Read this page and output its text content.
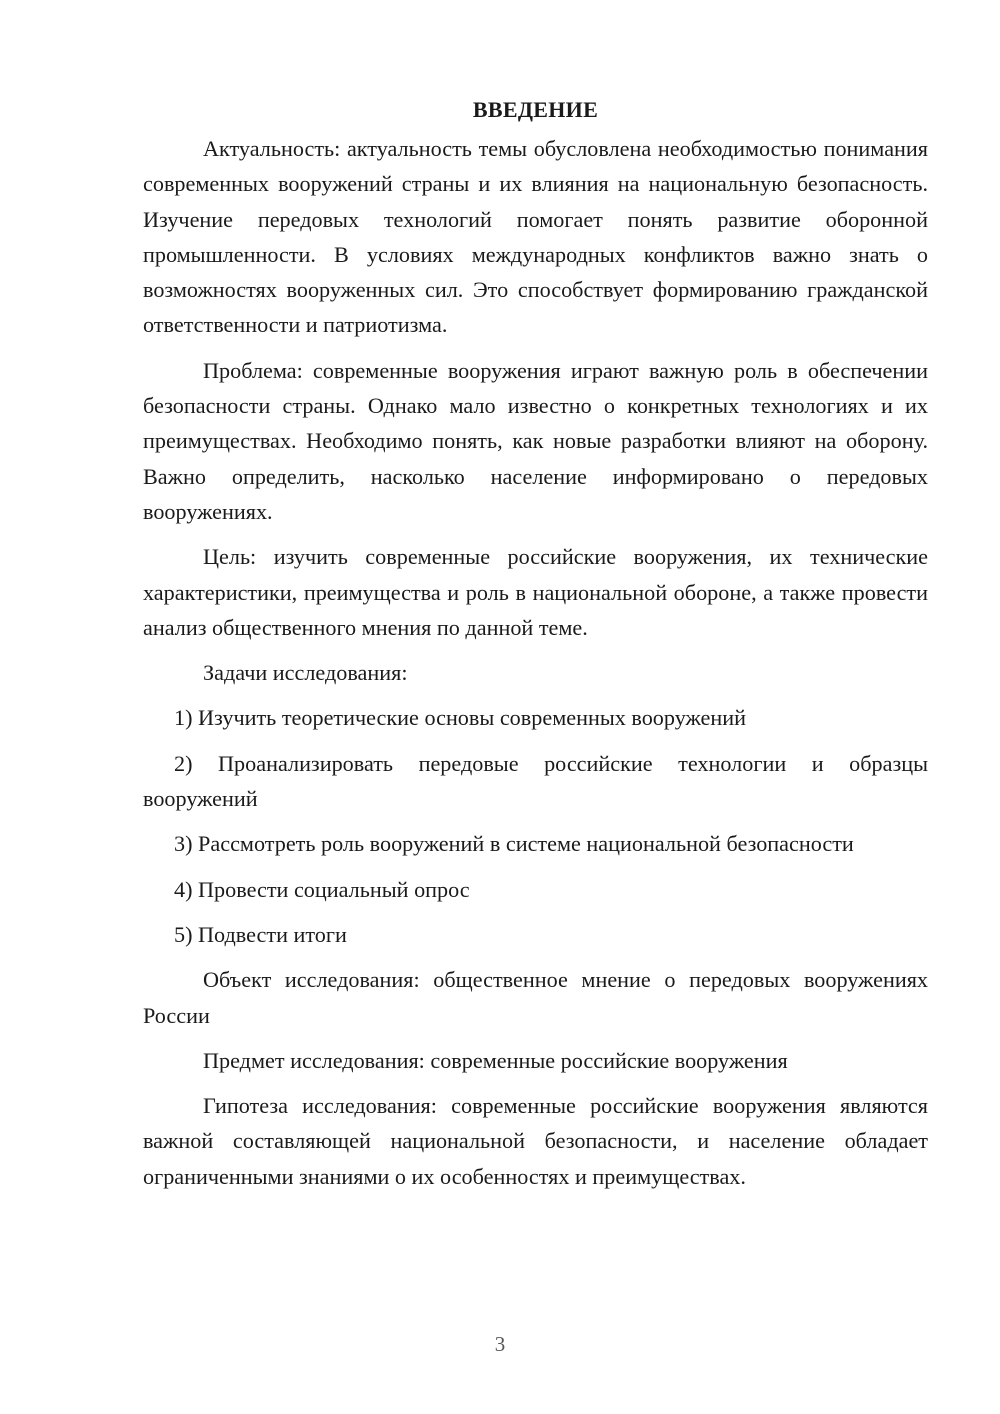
ВВЕДЕНИЕ

Актуальность: актуальность темы обусловлена необходимостью понимания современных вооружений страны и их влияния на национальную безопасность. Изучение передовых технологий помогает понять развитие оборонной промышленности. В условиях международных конфликтов важно знать о возможностях вооруженных сил. Это способствует формированию гражданской ответственности и патриотизма.

Проблема: современные вооружения играют важную роль в обеспечении безопасности страны. Однако мало известно о конкретных технологиях и их преимуществах. Необходимо понять, как новые разработки влияют на оборону. Важно определить, насколько население информировано о передовых вооружениях.

Цель: изучить современные российские вооружения, их технические характеристики, преимущества и роль в национальной обороне, а также провести анализ общественного мнения по данной теме.

Задачи исследования:

1) Изучить теоретические основы современных вооружений

2) Проанализировать передовые российские технологии и образцы вооружений

3) Рассмотреть роль вооружений в системе национальной безопасности

4) Провести социальный опрос

5) Подвести итоги

Объект исследования: общественное мнение о передовых вооружениях России

Предмет исследования: современные российские вооружения

Гипотеза исследования: современные российские вооружения являются важной составляющей национальной безопасности, и население обладает ограниченными знаниями о их особенностях и преимуществах.

3
